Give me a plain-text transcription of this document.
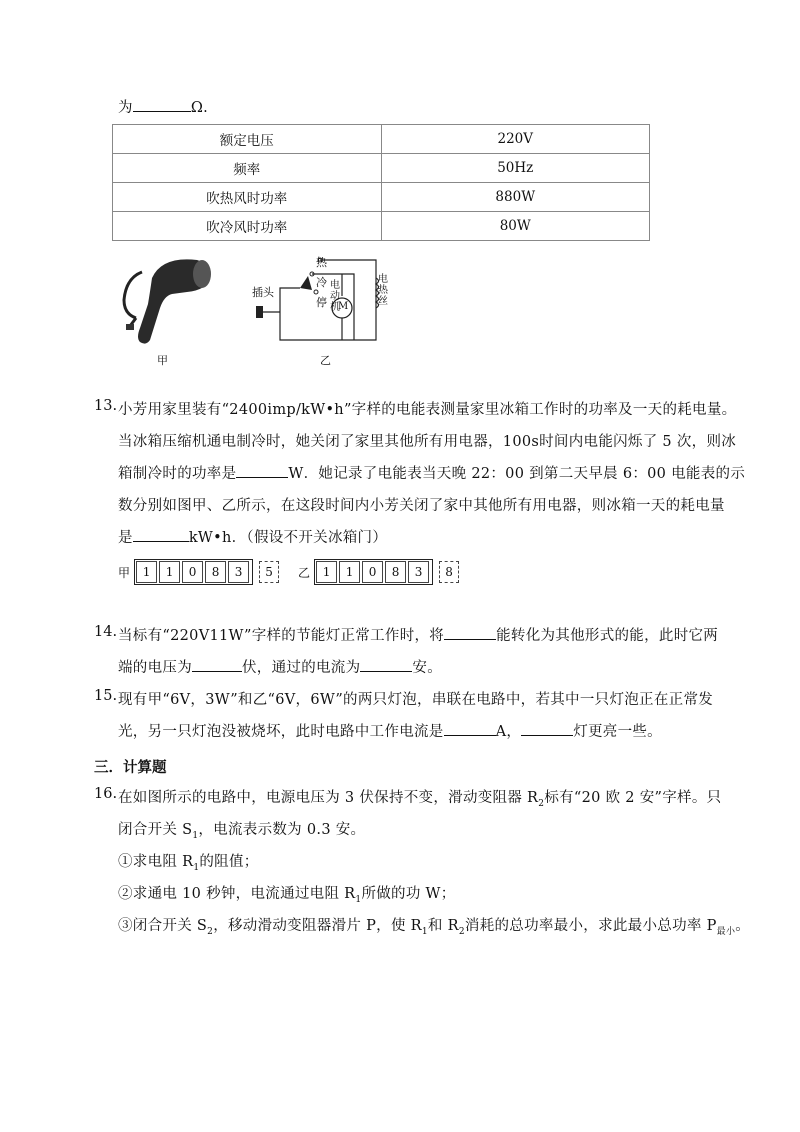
为	Ω.
额定电压	220V
频率	50Hz
吹热风时功率	880W
吹冷风时功率	80W
甲
插头
热
冷
停
电动机
M
电热丝
乙
13. 小芳用家里装有“2400imp/kW•h”字样的电能表测量家里冰箱工作时的功率及一天的耗电量。
当冰箱压缩机通电制冷时，她关闭了家里其他所有用电器，100s时间内电能闪烁了 5 次，则冰
箱制冷时的功率是	W．她记录了电能表当天晚 22：00 到第二天早晨 6：00 电能表的示
数分别如图甲、乙所示，在这段时间内小芳关闭了家中其他所有用电器，则冰箱一天的耗电量
是	kW•h．（假设不开关冰箱门）
甲	1	1	0	8	3	5	乙	1	1	0	8	3	8
14. 当标有“220V11W”字样的节能灯正常工作时，将	能转化为其他形式的能，此时它两
端的电压为	伏，通过的电流为	安。
15. 现有甲“6V，3W”和乙“6V，6W”的两只灯泡，串联在电路中，若其中一只灯泡正在正常发
光，另一只灯泡没被烧坏，此时电路中工作电流是	A，	灯更亮一些。
三．计算题
16. 在如图所示的电路中，电源电压为 3 伏保持不变，滑动变阻器 $R_2$标有“20 欧 2 安”字样。只
闭合开关 $S_1$，电流表示数为 0.3 安。
①求电阻 $R_1$的阻值；
②求通电 10 秒钟，电流通过电阻 $R_1$所做的功 W；
③闭合开关 $S_2$，移动滑动变阻器滑片 P，使 $R_1$和 $R_2$消耗的总功率最小，求此最小总功率 $P_{最小}$。
